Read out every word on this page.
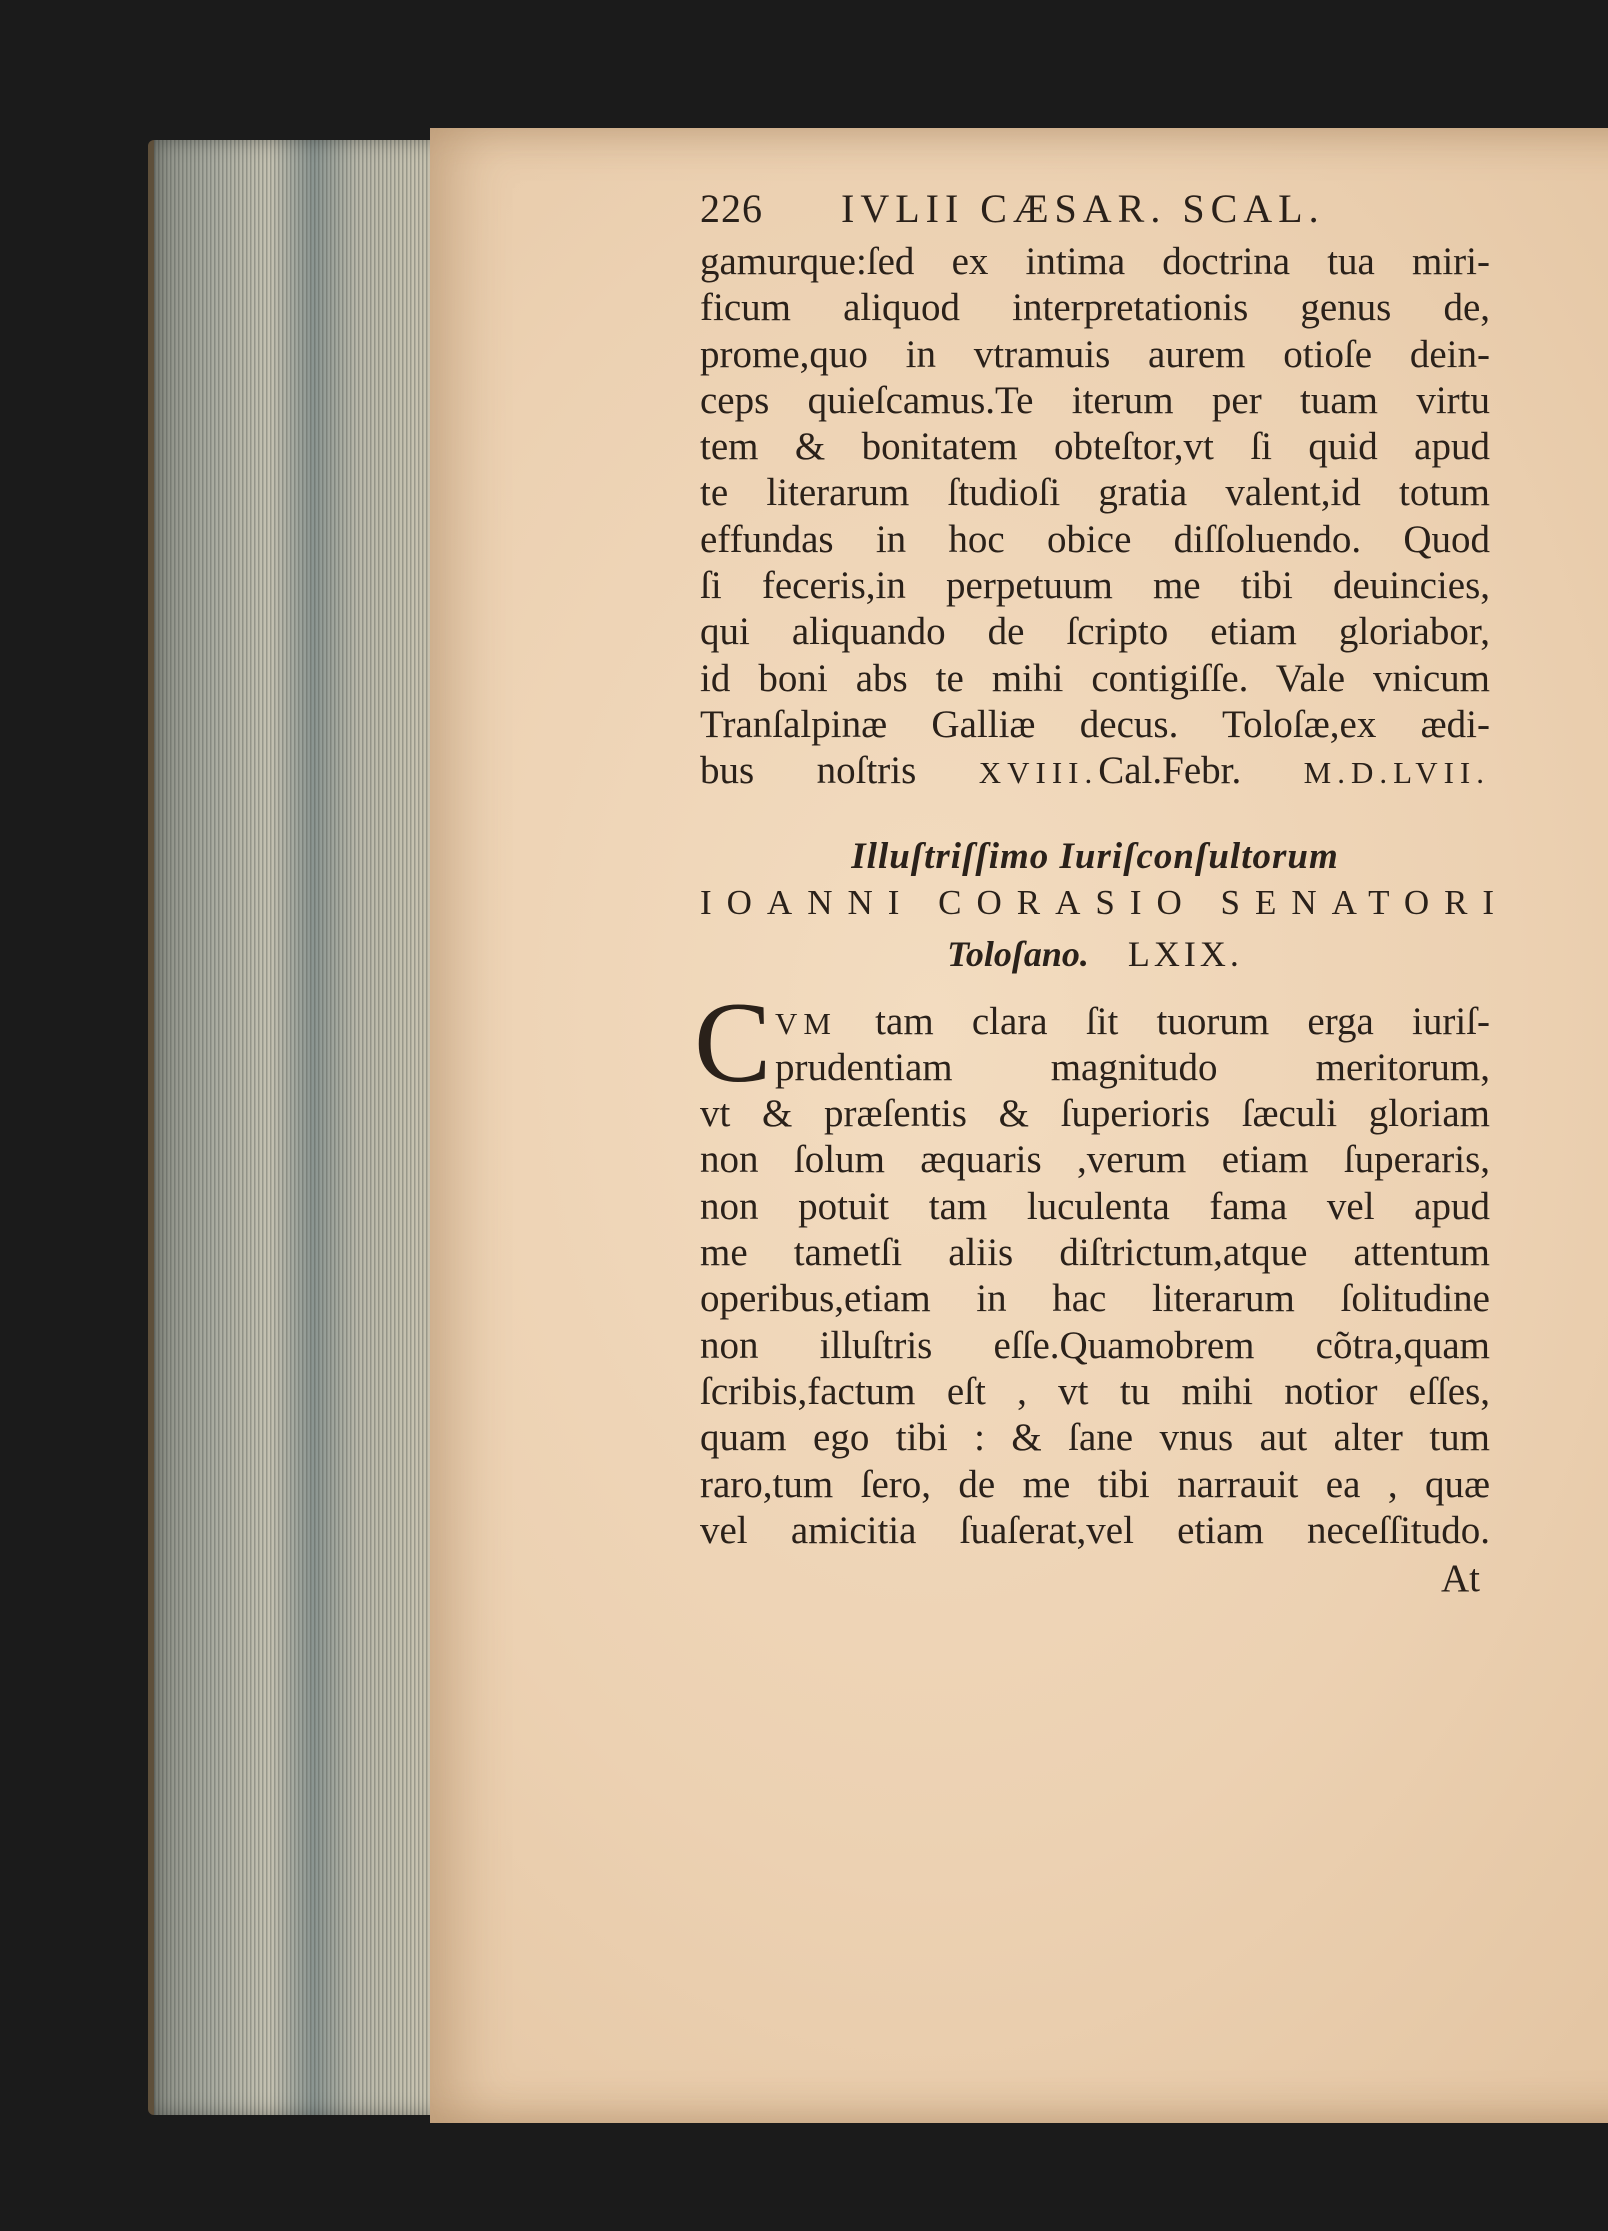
226 IVLII CÆSAR. SCAL.
gamurque:ſed ex intima doctrina tua miri-
ficum aliquod interpretationis genus de,
prome,quo in vtramuis aurem otioſe dein-
ceps quieſcamus.Te iterum per tuam virtu
tem & bonitatem obteſtor,vt ſi quid apud
te literarum ſtudioſi gratia valent,id totum
effundas in hoc obice diſſoluendo. Quod
ſi feceris,in perpetuum me tibi deuincies,
qui aliquando de ſcripto etiam gloriabor,
id boni abs te mihi contigiſſe. Vale vnicum
Tranſalpinæ Galliæ decus. Toloſæ,ex ædi-
bus noſtris XVIII.Cal.Febr. M.D.LVII.
Illuſtriſſimo Iuriſconſultorum
IOANNI CORASIO SENATORI
Toloſano. LXIX.
C VM tam clara ſit tuorum erga iuriſ-
prudentiam magnitudo meritorum,
vt & præſentis & ſuperioris ſæculi gloriam
non ſolum æquaris ,verum etiam ſuperaris,
non potuit tam luculenta fama vel apud
me tametſi aliis diſtrictum,atque attentum
operibus,etiam in hac literarum ſolitudine
non illuſtris eſſe.Quamobrem cõtra,quam
ſcribis,factum eſt , vt tu mihi notior eſſes,
quam ego tibi : & ſane vnus aut alter tum
raro,tum ſero, de me tibi narrauit ea , quæ
vel amicitia ſuaſerat,vel etiam neceſſitudo.
At
